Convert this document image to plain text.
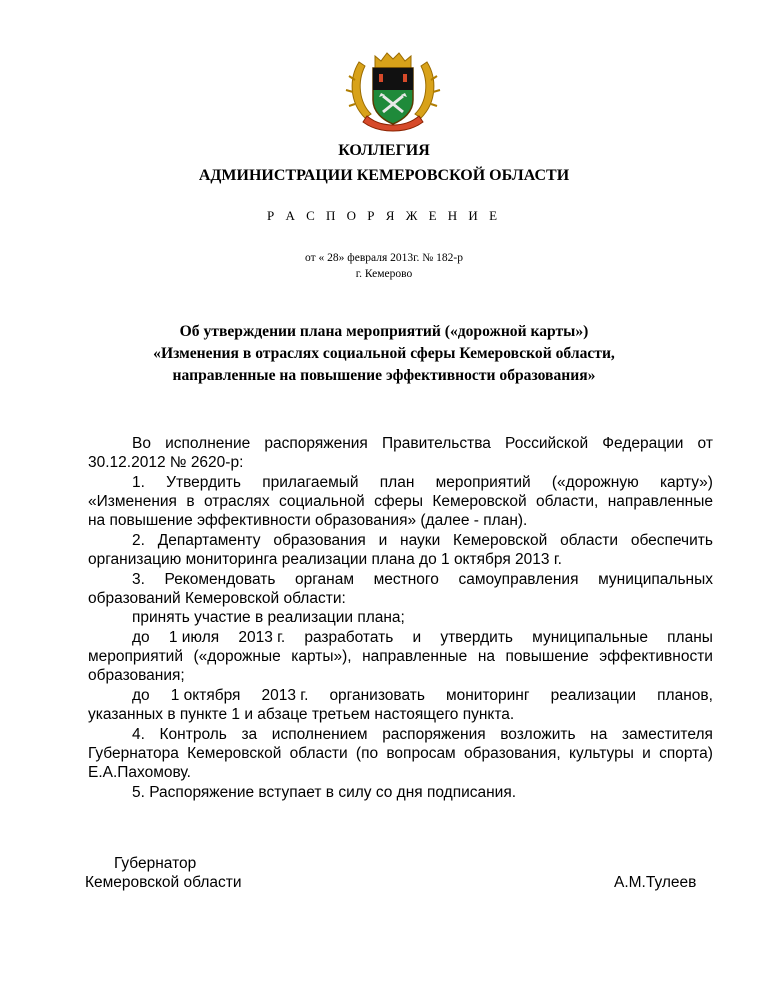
КОЛЛЕГИЯ
АДМИНИСТРАЦИИ КЕМЕРОВСКОЙ ОБЛАСТИ
Р А С П О Р Я Ж Е Н И Е
от « 28» февраля 2013г. № 182-р
г. Кемерово
Об утверждении плана мероприятий («дорожной карты»)
«Изменения в отраслях социальной сферы Кемеровской области,
направленные на повышение эффективности образования»
Во исполнение распоряжения Правительства Российской Федерации от
30.12.2012 № 2620-р:
1. Утвердить прилагаемый план мероприятий («дорожную карту»)
«Изменения в отраслях социальной сферы Кемеровской области, направленные
на повышение эффективности образования» (далее - план).
2. Департаменту образования и науки Кемеровской области обеспечить
организацию мониторинга реализации плана до 1 октября 2013 г.
3. Рекомендовать органам местного самоуправления муниципальных
образований Кемеровской области:
принять участие в реализации плана;
до 1 июля 2013 г. разработать и утвердить муниципальные планы
мероприятий («дорожные карты»), направленные на повышение эффективности
образования;
до 1 октября 2013 г. организовать мониторинг реализации планов,
указанных в пункте 1 и абзаце третьем настоящего пункта.
4. Контроль за исполнением распоряжения возложить на заместителя
Губернатора Кемеровской области (по вопросам образования, культуры и спорта)
Е.А.Пахомову.
5. Распоряжение вступает в силу со дня подписания.
Губернатор
Кемеровской области	А.М.Тулеев
